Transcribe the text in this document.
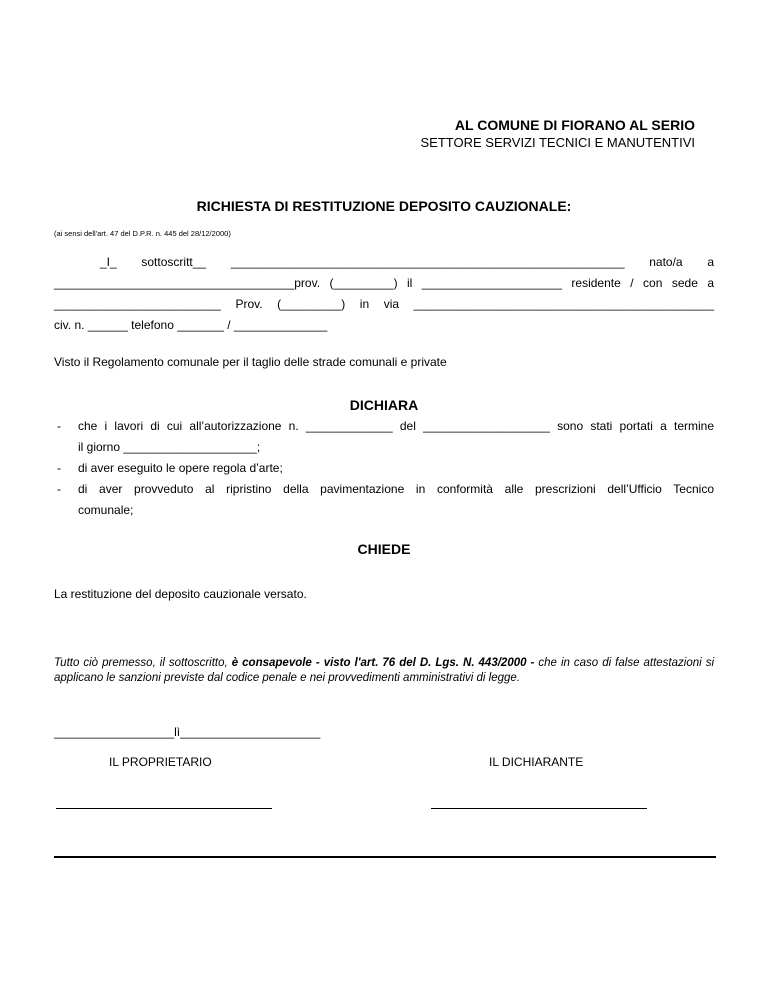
AL COMUNE DI FIORANO AL SERIO
SETTORE SERVIZI TECNICI E MANUTENTIVI
RICHIESTA DI RESTITUZIONE DEPOSITO CAUZIONALE:
(ai sensi dell'art. 47 del D.P.R. n. 445 del 28/12/2000)
_I_ sottoscritt__ ___________________________________________________________ nato/a a
____________________________________prov. (_________) il _____________________ residente / con sede a
_________________________ Prov. (_________) in via _____________________________________________
civ. n. ______ telefono _______ / ______________
Visto il Regolamento comunale per il taglio delle strade comunali e private
DICHIARA
- che i lavori di cui all’autorizzazione n. _____________ del ___________________ sono stati portati a termine
il giorno ____________________;
- di aver eseguito le opere regola d’arte;
- di aver provveduto al ripristino della pavimentazione in conformità alle prescrizioni dell’Ufficio Tecnico
comunale;
CHIEDE
La restituzione del deposito cauzionale versato.
Tutto ciò premesso, il sottoscritto, è consapevole - visto l'art. 76 del D. Lgs. N. 443/2000 - che in caso di false attestazioni si applicano le sanzioni previste dal codice penale e nei provvedimenti amministrativi di legge.
__________________lì_____________________
IL PROPRIETARIO	IL DICHIARANTE
